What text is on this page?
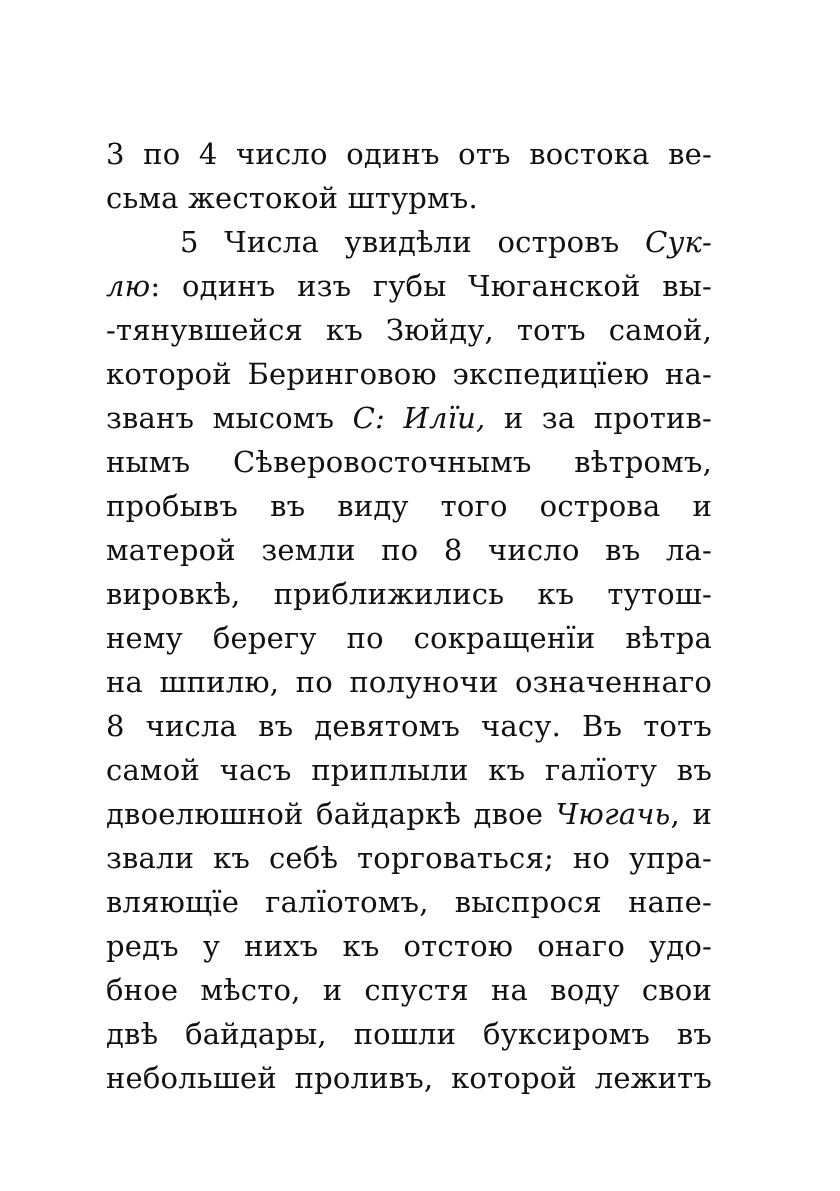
3 по 4 число одинъ отъ востока ве-
сьма жестокой штурмъ.
5 Числа увидѣли островъ Сук-
лю: одинъ изъ губы Чюганской вы-
-тянувшейся къ Зюйду, тотъ самой,
которой Беринговою экспедицїею на-
званъ мысомъ С: Илїи, и за против-
нымъ Сѣверовосточнымъ вѣтромъ,
пробывъ въ виду того острова и
матерой земли по 8 число въ ла-
вировкѣ, приближились къ тутош-
нему берегу по сокращенїи вѣтра
на шпилю, по полуночи означеннаго
8 числа въ девятомъ часу. Въ тотъ
самой часъ приплыли къ галїоту въ
двоелюшной байдаркѣ двое Чюгачь, и
звали къ себѣ торговаться; но упра-
вляющїе галїотомъ, выспрося напе-
редъ у нихъ къ отстою онаго удо-
бное мѣсто, и спустя на воду свои
двѣ байдары, пошли буксиромъ въ
небольшей проливъ, которой лежитъ
